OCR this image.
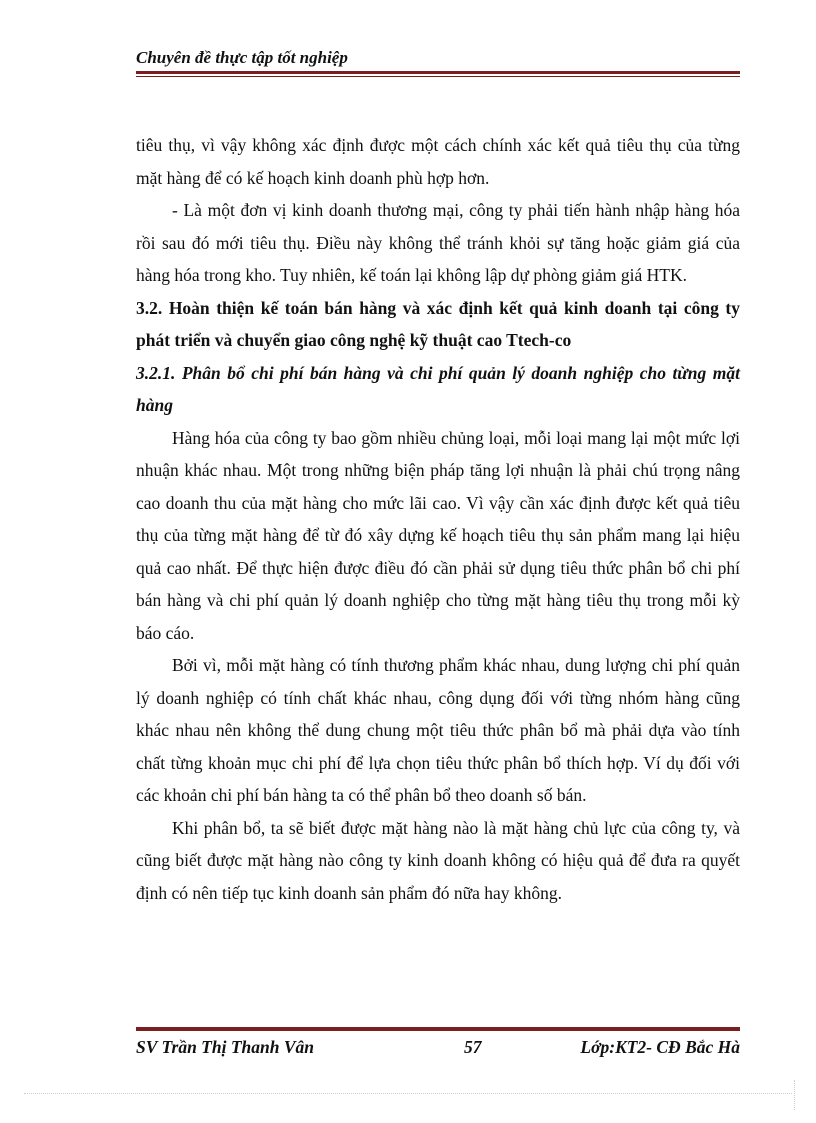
Chuyên đề thực tập tốt nghiệp

tiêu thụ, vì vậy không xác định được một cách chính xác kết quả tiêu thụ của từng mặt hàng để có kế hoạch kinh doanh phù hợp hơn.

- Là một đơn vị kinh doanh thương mại, công ty phải tiến hành nhập hàng hóa rồi sau đó mới tiêu thụ. Điều này không thể tránh khỏi sự tăng hoặc giảm giá của hàng hóa trong kho. Tuy nhiên, kế toán lại không lập dự phòng giảm giá HTK.

3.2. Hoàn thiện kế toán bán hàng và xác định kết quả kinh doanh tại công ty phát triển và chuyển giao công nghệ kỹ thuật cao Ttech-co

3.2.1. Phân bổ chi phí bán hàng và chi phí quản lý doanh nghiệp cho từng mặt hàng

Hàng hóa của công ty bao gồm nhiều chủng loại, mỗi loại mang lại một mức lợi nhuận khác nhau. Một trong những biện pháp tăng lợi nhuận là phải chú trọng nâng cao doanh thu của mặt hàng cho mức lãi cao. Vì vậy cần xác định được kết quả tiêu thụ của từng mặt hàng để từ đó xây dựng kế hoạch tiêu thụ sản phẩm mang lại hiệu quả cao nhất. Để thực hiện được điều đó cần phải sử dụng tiêu thức phân bổ chi phí bán hàng và chi phí quản lý doanh nghiệp cho từng mặt hàng tiêu thụ trong mỗi kỳ báo cáo.

Bởi vì, mỗi mặt hàng có tính thương phẩm khác nhau, dung lượng chi phí quản lý doanh nghiệp có tính chất khác nhau, công dụng đối với từng nhóm hàng cũng khác nhau nên không thể dung chung một tiêu thức phân bổ mà phải dựa vào tính chất từng khoản mục chi phí để lựa chọn tiêu thức phân bổ thích hợp. Ví dụ đối với các khoản chi phí bán hàng ta có thể phân bổ theo doanh số bán.

Khi phân bổ, ta sẽ biết được mặt hàng nào là mặt hàng chủ lực của công ty, và cũng biết được mặt hàng nào công ty kinh doanh không có hiệu quả để đưa ra quyết định có nên tiếp tục kinh doanh sản phẩm đó nữa hay không.

SV Trần Thị Thanh Vân	57	Lớp:KT2- CĐ Bắc Hà
